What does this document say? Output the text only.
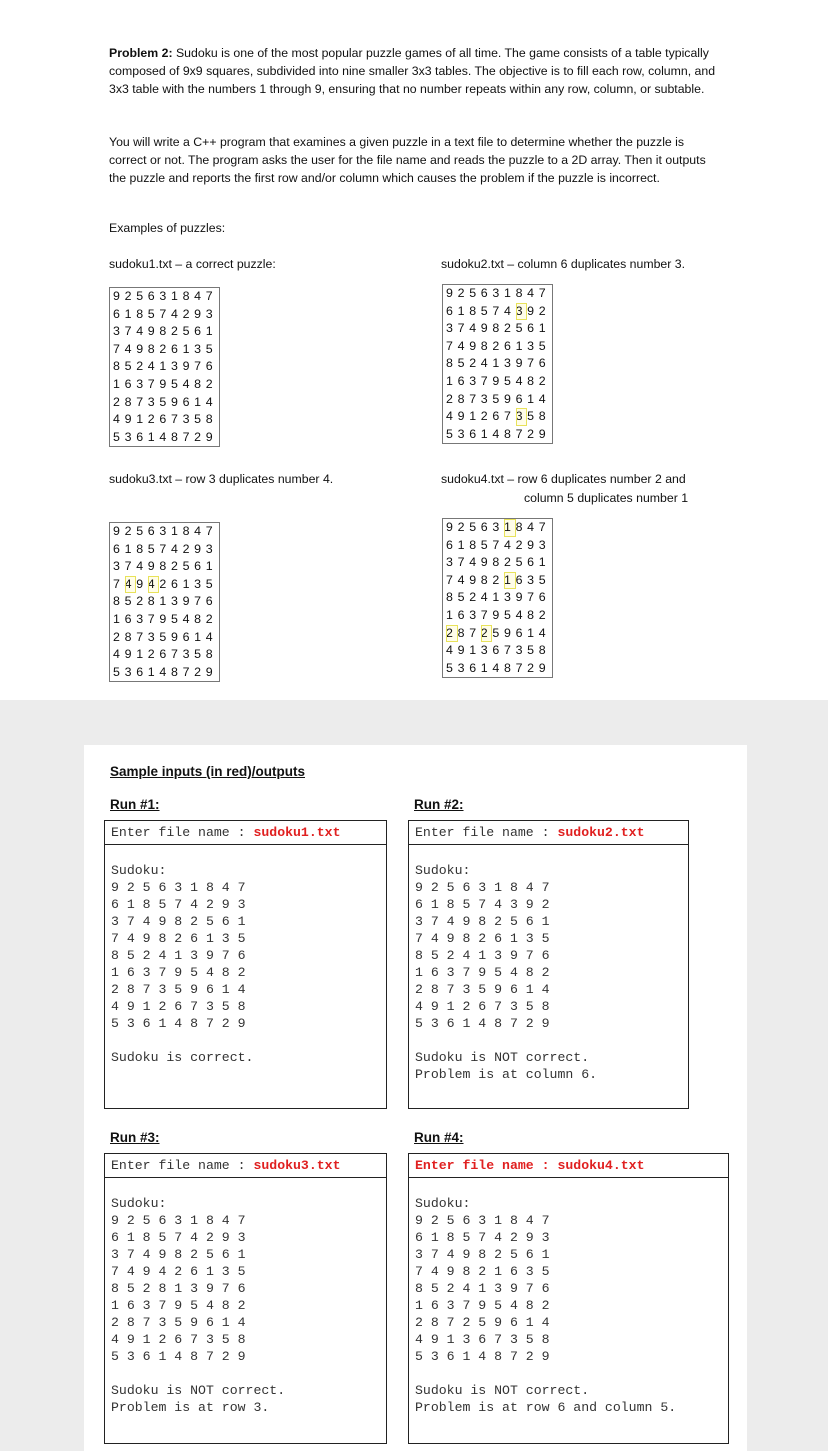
Problem 2: Sudoku is one of the most popular puzzle games of all time. The game consists of a table typically composed of 9x9 squares, subdivided into nine smaller 3x3 tables. The objective is to fill each row, column, and 3x3 table with the numbers 1 through 9, ensuring that no number repeats within any row, column, or subtable.

You will write a C++ program that examines a given puzzle in a text file to determine whether the puzzle is correct or not. The program asks the user for the file name and reads the puzzle to a 2D array. Then it outputs the puzzle and reports the first row and/or column which causes the problem if the puzzle is incorrect.

Examples of puzzles:

sudoku1.txt – a correct puzzle:	sudoku2.txt – column 6 duplicates number 3.
sudoku3.txt – row 3 duplicates number 4.	sudoku4.txt – row 6 duplicates number 2 and
column 5 duplicates number 1
9 2 5 6 3 1 8 4 7
6 1 8 5 7 4 2 9 3
3 7 4 9 8 2 5 6 1
7 4 9 8 2 6 1 3 5
8 5 2 4 1 3 9 7 6
1 6 3 7 9 5 4 8 2
2 8 7 3 5 9 6 1 4
4 9 1 2 6 7 3 5 8
5 3 6 1 4 8 7 2 9
9 2 5 6 3 1 8 4 7
6 1 8 5 7 4 3 9 2
3 7 4 9 8 2 5 6 1
7 4 9 8 2 6 1 3 5
8 5 2 4 1 3 9 7 6
1 6 3 7 9 5 4 8 2
2 8 7 3 5 9 6 1 4
4 9 1 2 6 7 3 5 8
5 3 6 1 4 8 7 2 9
9 2 5 6 3 1 8 4 7
6 1 8 5 7 4 2 9 3
3 7 4 9 8 2 5 6 1
7 4 9 4 2 6 1 3 5
8 5 2 8 1 3 9 7 6
1 6 3 7 9 5 4 8 2
2 8 7 3 5 9 6 1 4
4 9 1 2 6 7 3 5 8
5 3 6 1 4 8 7 2 9
9 2 5 6 3 1 8 4 7
6 1 8 5 7 4 2 9 3
3 7 4 9 8 2 5 6 1
7 4 9 8 2 1 6 3 5
8 5 2 4 1 3 9 7 6
1 6 3 7 9 5 4 8 2
2 8 7 2 5 9 6 1 4
4 9 1 3 6 7 3 5 8
5 3 6 1 4 8 7 2 9
Sample inputs (in red)/outputs
Run #1:	Run #2:
Run #3:	Run #4:
Enter file name : sudoku1.txt
Sudoku:
9 2 5 6 3 1 8 4 7
6 1 8 5 7 4 2 9 3
3 7 4 9 8 2 5 6 1
7 4 9 8 2 6 1 3 5
8 5 2 4 1 3 9 7 6
1 6 3 7 9 5 4 8 2
2 8 7 3 5 9 6 1 4
4 9 1 2 6 7 3 5 8
5 3 6 1 4 8 7 2 9
Sudoku is correct.
Enter file name : sudoku2.txt
Sudoku:
9 2 5 6 3 1 8 4 7
6 1 8 5 7 4 3 9 2
3 7 4 9 8 2 5 6 1
7 4 9 8 2 6 1 3 5
8 5 2 4 1 3 9 7 6
1 6 3 7 9 5 4 8 2
2 8 7 3 5 9 6 1 4
4 9 1 2 6 7 3 5 8
5 3 6 1 4 8 7 2 9
Sudoku is NOT correct.
Problem is at column 6.
Enter file name : sudoku3.txt
Sudoku:
9 2 5 6 3 1 8 4 7
6 1 8 5 7 4 2 9 3
3 7 4 9 8 2 5 6 1
7 4 9 4 2 6 1 3 5
8 5 2 8 1 3 9 7 6
1 6 3 7 9 5 4 8 2
2 8 7 3 5 9 6 1 4
4 9 1 2 6 7 3 5 8
5 3 6 1 4 8 7 2 9
Sudoku is NOT correct.
Problem is at row 3.
Enter file name : sudoku4.txt
Sudoku:
9 2 5 6 3 1 8 4 7
6 1 8 5 7 4 2 9 3
3 7 4 9 8 2 5 6 1
7 4 9 8 2 1 6 3 5
8 5 2 4 1 3 9 7 6
1 6 3 7 9 5 4 8 2
2 8 7 2 5 9 6 1 4
4 9 1 3 6 7 3 5 8
5 3 6 1 4 8 7 2 9
Sudoku is NOT correct.
Problem is at row 6 and column 5.
